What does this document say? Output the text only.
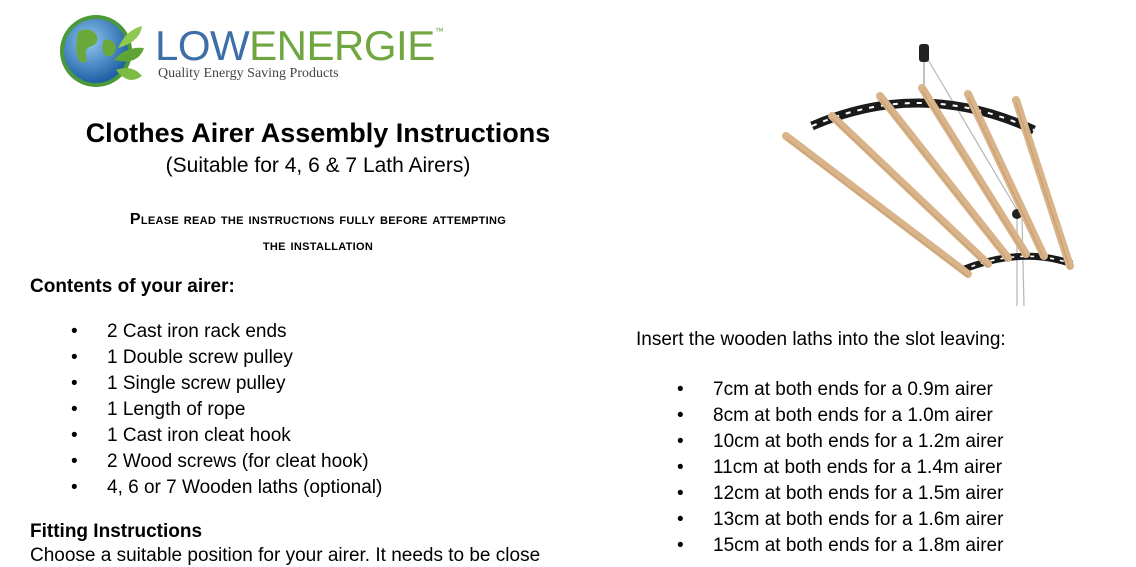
LOWENERGIE™
Quality Energy Saving Products
Clothes Airer Assembly Instructions
(Suitable for 4, 6 & 7 Lath Airers)
Please read the instructions fully before attempting
the installation
Contents of your airer:
• 2 Cast iron rack ends
• 1 Double screw pulley
• 1 Single screw pulley
• 1 Length of rope
• 1 Cast iron cleat hook
• 2 Wood screws (for cleat hook)
• 4, 6 or 7 Wooden laths (optional)
Fitting Instructions
Choose a suitable position for your airer. It needs to be close
Insert the wooden laths into the slot leaving:
• 7cm at both ends for a 0.9m airer
• 8cm at both ends for a 1.0m airer
• 10cm at both ends for a 1.2m airer
• 11cm at both ends for a 1.4m airer
• 12cm at both ends for a 1.5m airer
• 13cm at both ends for a 1.6m airer
• 15cm at both ends for a 1.8m airer
